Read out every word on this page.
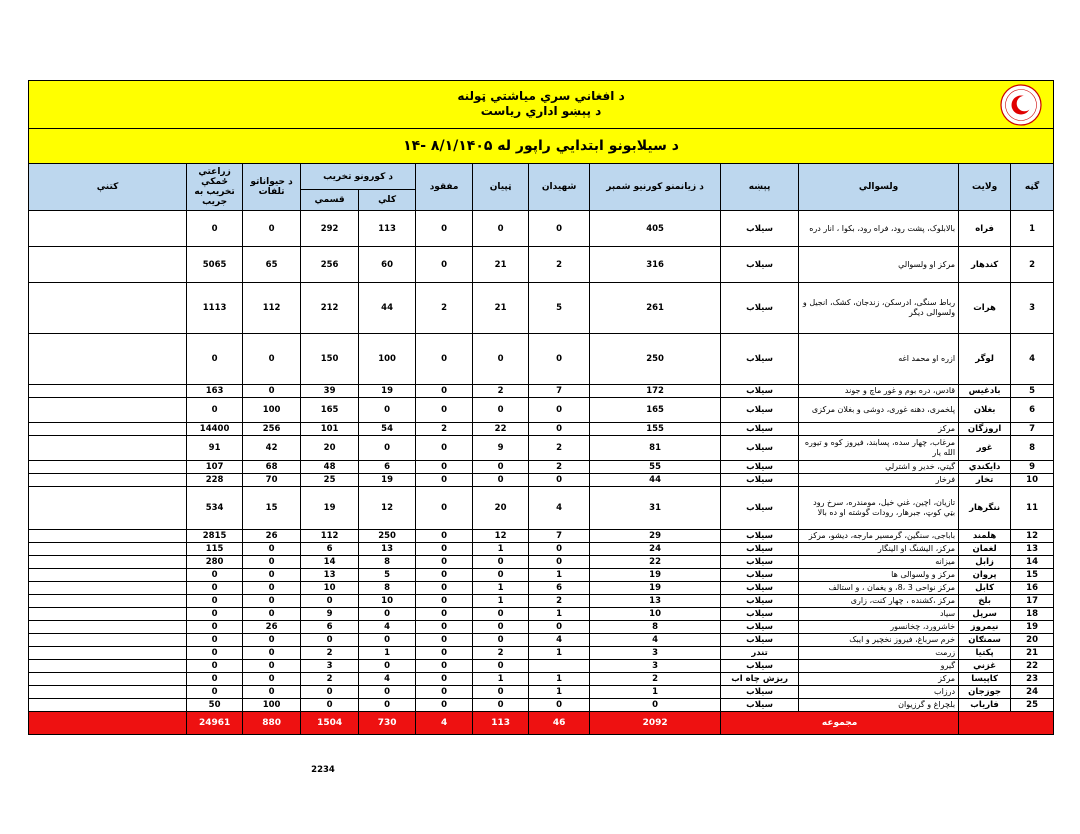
د افغاني سري مياشتي ټولنه
د پېښو اداري رياست												

د سيلابونو ابتدايي راپور له ۸/۱/۱۴۰۵ -۱۴												
گڼه	ولايت	ولسوالي	پېښه	د زيانمنو کورنيو شمېر	شهيدان	ټپيان	مفقود	د کورونو تخريب		د حيواناتو تلفات	زراعتي ځمکې تخريب به جريب	کتنې
								کلي	قسمي			
1	فراه	بالابلوک، پشت رود، فراه رود، بکوا ، انار دره	سيلاب	405	0	0	0	113	292	0	0	
2	کندهار	مرکز او ولسوالي	سيلاب	316	2	21	0	60	256	65	5065	
3	هرات	رباط سنگی، ادرسکن، زندجان، کشک، انجیل و ولسوالی دیگر	سيلاب	261	5	21	2	44	212	112	1113	
4	لوگر	ازره او محمد اغه	سيلاب	250	0	0	0	100	150	0	0	
5	بادغيس	قادس، دره بوم و غور ماچ و جوند	سيلاب	172	7	2	0	19	39	0	163	
6	بغلان	پلخمری، دهنه غوری، دوشی و بغلان مرکزی	سيلاب	165	0	0	0	0	165	100	0	
7	اروزگان	مرکز	سيلاب	155	0	22	2	54	101	256	14400	
8	غور	مرغاب، چهار سده، پسابند، فیروز کوه و تیوره الله یار	سيلاب	81	2	9	0	0	20	42	91	
9	دايکندي	گیتي، خدیر و اشترلي	سيلاب	55	2	0	0	6	48	68	107	
10	تخار	فرخار	سيلاب	44	0	0	0	19	25	70	228	
11	ننگرهار	تازيان، اچين، غني خيل، مومندره، سرخ رود بټي کوټ، جبرهار، رودات گوشته او ده بالا	سيلاب	31	4	20	0	12	19	15	534	
12	هلمند	باباجی، سنگین، گرمسیر مارجه، دیشو، مرکز	سيلاب	29	7	12	0	250	112	26	2815	
13	لغمان	مرکز، الیشنگ او الینگار	سيلاب	24	0	1	0	13	6	0	115	
14	زابل	ميزانه	سيلاب	22	0	0	0	8	14	0	280	
15	پروان	مرکز و ولسوالی ها	سيلاب	19	1	0	0	5	13	0	0	
16	کابل	مرکز نواحی 3 ،8، و یغمان ، و استالف	سيلاب	19	6	1	0	8	10	0	0	
17	بلخ	مرکز ،کشنده ، چهار کنت، زاری	سيلاب	13	2	1	0	10	0	0	0	
18	سرپل	سیاد	سيلاب	10	1	0	0	0	9	0	0	
19	نيمروز	خاشرورد، چخانسور	سيلاب	8	0	0	0	4	6	26	0	
20	سمنګان	خرم سرباغ، فیروز نخچیر و ایبک	سيلاب	4	4	0	0	0	0	0	0	
21	پکتيا	زرمت	تندر	3	1	2	0	1	2	0	0	
22	غزني	گيرو	سيلاب	3		0	0	0	3	0	0	
23	کاپيسا	مرکز	ريزش چاه اب	2	1	1	0	4	2	0	0	
24	جوزجان	درزاب	سيلاب	1	1	0	0	0	0	0	0	
25	فارياب	بلچراغ و گرزيوان	سيلاب	0	0	0	0	0	0	100	50	
		مجموعه		2092	46	113	4	730	1504	880	24961	
2234
